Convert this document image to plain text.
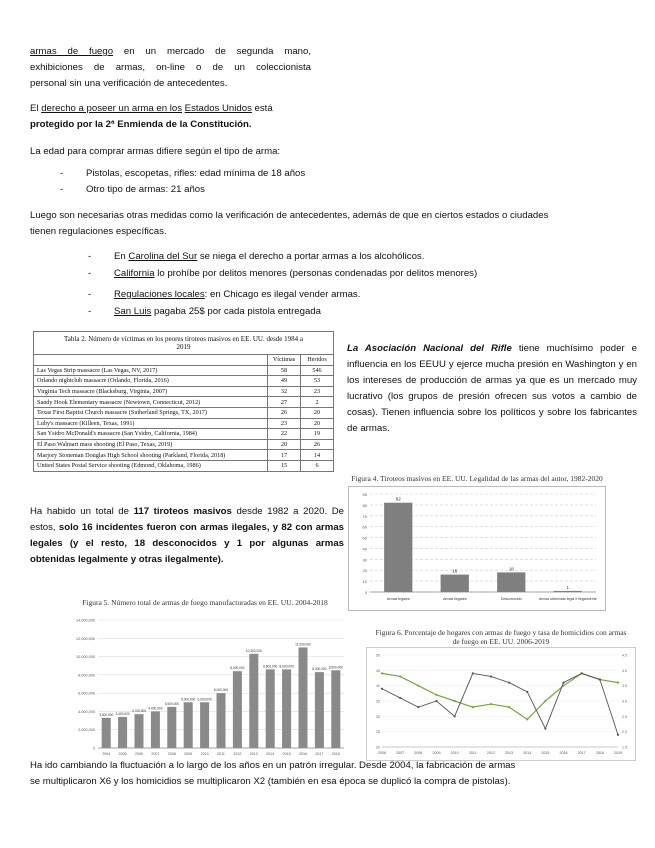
armas de fuego en un mercado de segunda mano,
exhibiciones de armas, on-line o de un coleccionista
personal sin una verificación de antecedentes.
El derecho a poseer un arma en los Estados Unidos está
protegido por la 2ª Enmienda de la Constitución.
La edad para comprar armas difiere según el tipo de arma:
- Pistolas, escopetas, rifles: edad mínima de 18 años
- Otro tipo de armas: 21 años
Luego son necesarias otras medidas como la verificación de antecedentes, además de que en ciertos estados o ciudades
tienen regulaciones específicas.
- En Carolina del Sur se niega el derecho a portar armas a los alcohólicos.
- California lo prohíbe por delitos menores (personas condenadas por delitos menores)
- Regulaciones locales: en Chicago es ilegal vender armas.
- San Luis pagaba 25$ por cada pistola entregada
Tabla 2. Número de víctimas en los peores tiroteos masivos en EE. UU. desde 1984 a 2019		
	Víctimas	Heridos
Las Vegas Strip massacre (Las Vegas, NV, 2017)	58	546
Orlando nightclub massacre (Orlando, Florida, 2016)	49	53
Virginia Tech massacre (Blacksburg, Virginia, 2007)	32	23
Sandy Hook Elementary massacre (Newtown, Connecticut, 2012)	27	2
Texas First Baptist Church massacre (Sutherland Springs, TX, 2017)	26	20
Luby's massacre (Killeen, Texas, 1991)	23	20
San Ysidro McDonald's massacre (San Ysidro, California, 1984)	22	19
El Paso Walmart mass shooting (El Paso, Texas, 2019)	20	26
Marjory Stoneman Douglas High School shooting (Parkland, Florida, 2018)	17	14
United States Postal Service shooting (Edmond, Oklahoma, 1986)	15	6
La Asociación Nacional del Rifle tiene muchísimo poder e influencia en los EEUU y ejerce mucha presión en Washington y en los intereses de producción de armas ya que es un mercado muy lucrativo (los grupos de presión ofrecen sus votos a cambio de cosas). Tienen influencia sobre los políticos y sobre los fabricantes de armas.
Ha habido un total de 117 tiroteos masivos desde 1982 a 2020. De estos, solo 16 incidentes fueron con armas ilegales, y 82 con armas legales (y el resto, 18 desconocidos y 1 por algunas armas obtenidas legalmente y otras ilegalmente).
Figura 4. Tiroteos masivos en EE. UU. Legalidad de las armas del autor, 1982-2020
0
10
20
30
40
50
60
70
80
90
82
Armas legales
16
Armas ilegales
18
Desconocido
1
Armas obtenidas legal e ilegalmente
Figura 5. Número total de armas de fuego manufacturadas en EE. UU. 2004-2018
0
2,000,000
4,000,000
6,000,000
8,000,000
10,000,000
12,000,000
14,000,000
3,300,000
2004
3,400,000
2005
3,700,000
2006
4,000,000
2007
4,500,000
2008
5,000,000
2009
5,000,000
2010
6,000,000
2011
8,400,000
2012
10,300,000
2013
8,600,000
2014
8,600,000
2015
11,000,000
2016
8,300,000
2017
8,500,000
2018
Figura 6. Porcentaje de hogares con armas de fuego y tasa de homicidios con armas de fuego en EE. UU. 2006-2019
20	1.5
25	2.0
30	2.5
35	3.0
40	3.5
45	4.0
50	4.5
2006	2007	2008	2009	2010	2011	2012	2013	2014	2015	2016	2017	2018	2019
Ha ido cambiando la fluctuación a lo largo de los años en un patrón irregular. Desde 2004, la fabricación de armas
se multiplicaron X6 y los homicidios se multiplicaron X2 (también en esa época se duplicó la compra de pistolas).
